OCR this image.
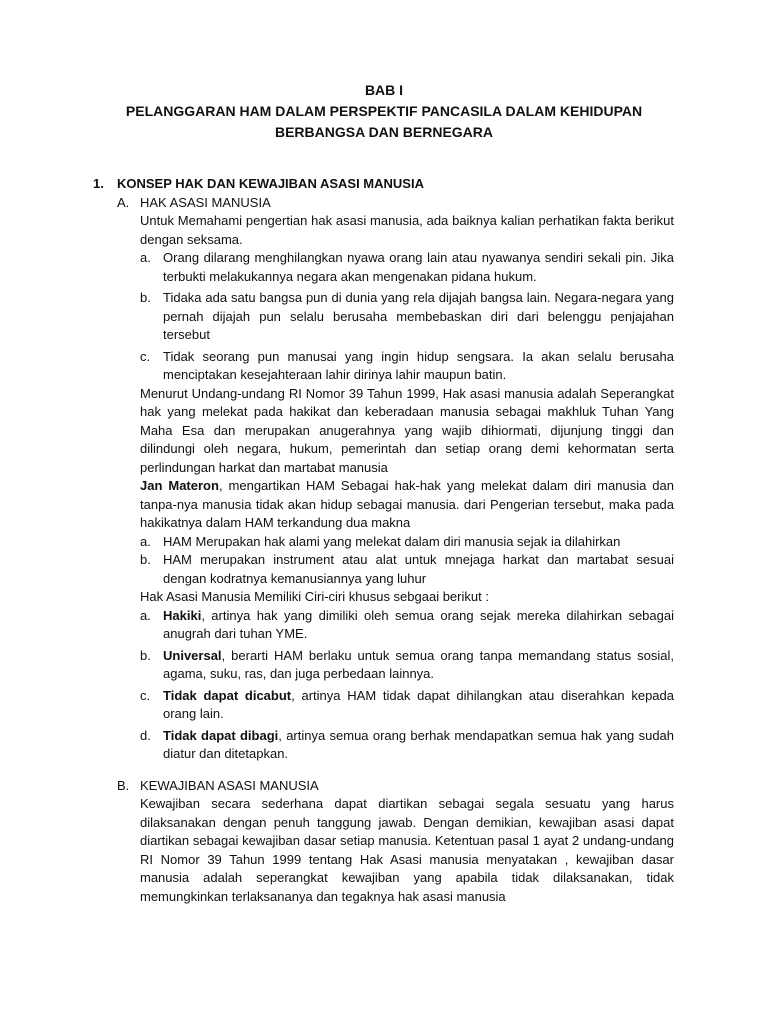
BAB I
PELANGGARAN HAM DALAM PERSPEKTIF PANCASILA DALAM KEHIDUPAN
BERBANGSA DAN BERNEGARA
1. KONSEP HAK DAN KEWAJIBAN ASASI MANUSIA
A. HAK ASASI MANUSIA
Untuk Memahami pengertian hak asasi manusia, ada baiknya kalian perhatikan fakta berikut dengan seksama.
a. Orang dilarang menghilangkan nyawa orang lain atau nyawanya sendiri sekali pin. Jika terbukti melakukannya negara akan mengenakan pidana hukum.
b. Tidaka ada satu bangsa pun di dunia yang rela dijajah bangsa lain. Negara-negara yang pernah dijajah pun selalu berusaha membebaskan diri dari belenggu penjajahan tersebut
c. Tidak seorang pun manusai yang ingin hidup sengsara. Ia akan selalu berusaha menciptakan kesejahteraan lahir dirinya lahir maupun batin.
Menurut Undang-undang RI Nomor 39 Tahun 1999, Hak asasi manusia adalah Seperangkat hak yang melekat pada hakikat dan keberadaan manusia sebagai makhluk Tuhan Yang Maha Esa dan merupakan anugerahnya yang wajib dihiormati, dijunjung tinggi dan dilindungi oleh negara, hukum, pemerintah dan setiap orang demi kehormatan serta perlindungan harkat dan martabat manusia
Jan Materon, mengartikan HAM Sebagai hak-hak yang melekat dalam diri manusia dan tanpa-nya manusia tidak akan hidup sebagai manusia. dari Pengerian tersebut, maka pada hakikatnya dalam HAM terkandung dua makna
a. HAM Merupakan hak alami yang melekat dalam diri manusia sejak ia dilahirkan
b. HAM merupakan instrument atau alat untuk mnejaga harkat dan martabat sesuai dengan kodratnya kemanusiannya yang luhur
Hak Asasi Manusia Memiliki Ciri-ciri khusus sebgaai berikut :
a. Hakiki, artinya hak yang dimiliki oleh semua orang sejak mereka dilahirkan sebagai anugrah dari tuhan YME.
b. Universal, berarti HAM berlaku untuk semua orang tanpa memandang status sosial, agama, suku, ras, dan juga perbedaan lainnya.
c. Tidak dapat dicabut, artinya HAM tidak dapat dihilangkan atau diserahkan kepada orang lain.
d. Tidak dapat dibagi, artinya semua orang berhak mendapatkan semua hak yang sudah diatur dan ditetapkan.
B. KEWAJIBAN ASASI MANUSIA
Kewajiban secara sederhana dapat diartikan sebagai segala sesuatu yang harus dilaksanakan dengan penuh tanggung jawab. Dengan demikian, kewajiban asasi dapat diartikan sebagai kewajiban dasar setiap manusia. Ketentuan pasal 1 ayat 2 undang-undang RI Nomor 39 Tahun 1999 tentang Hak Asasi manusia menyatakan , kewajiban dasar manusia adalah seperangkat kewajiban yang apabila tidak dilaksanakan, tidak memungkinkan terlaksananya dan tegaknya hak asasi manusia
